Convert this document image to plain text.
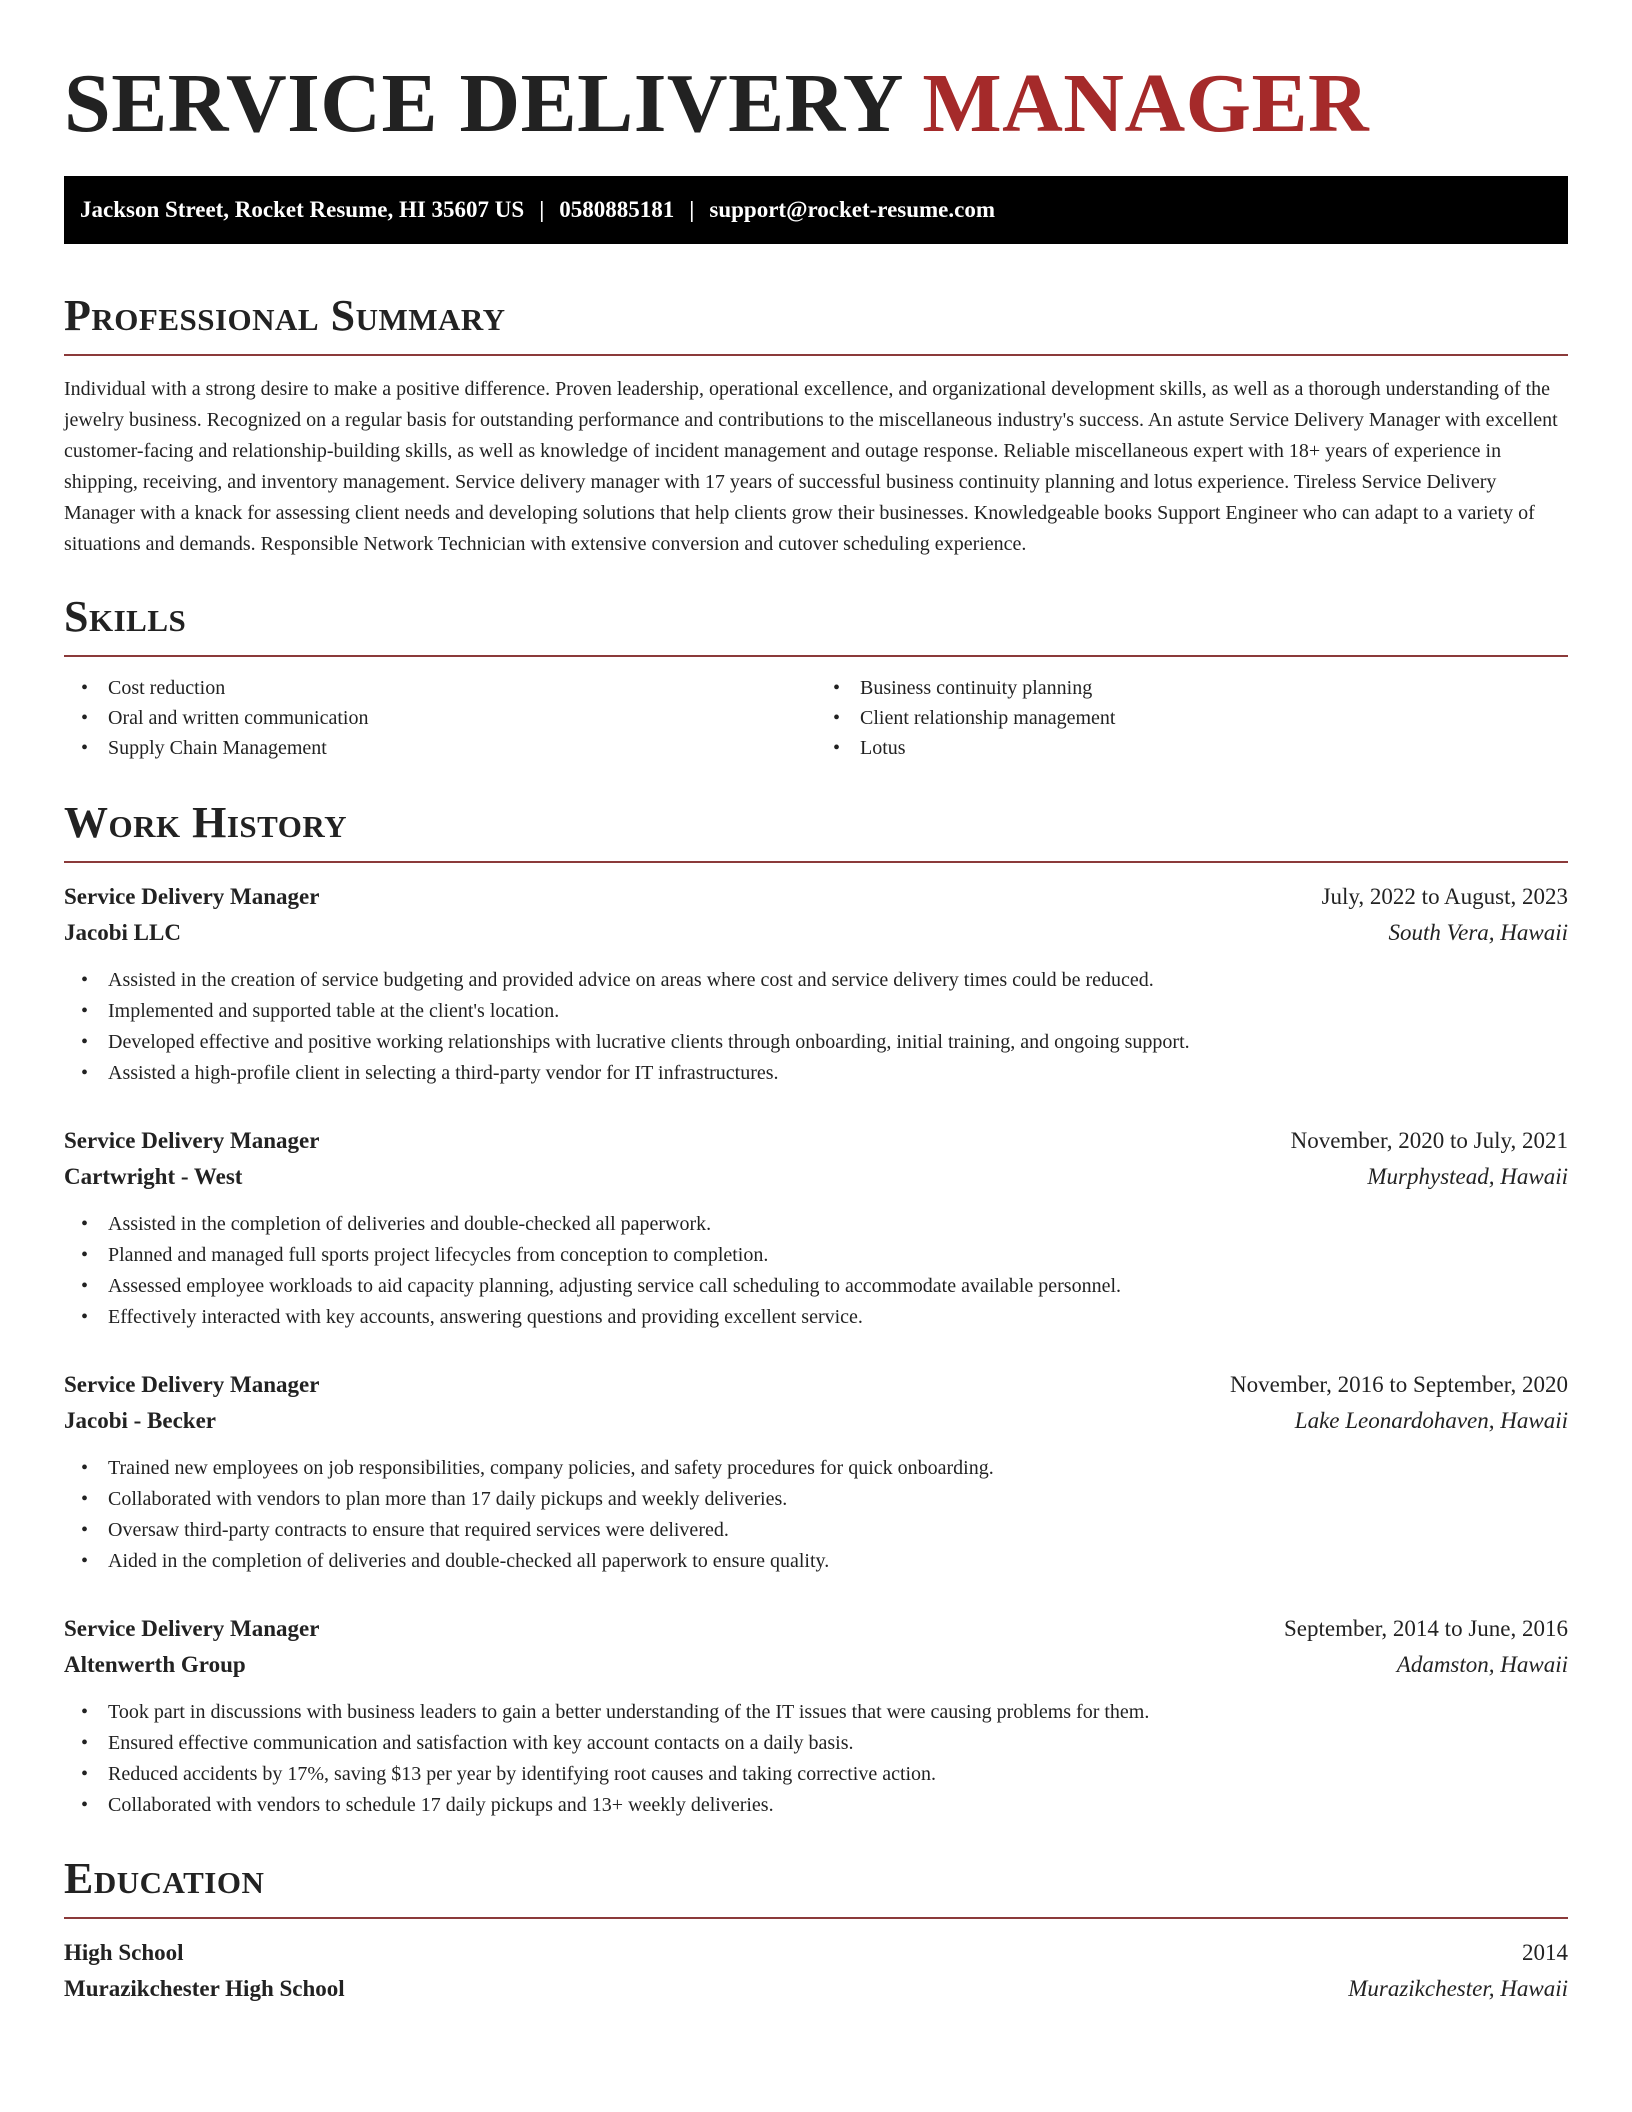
SERVICE DELIVERY MANAGER
Jackson Street, Rocket Resume, HI 35607 US | 0580885181 | support@rocket-resume.com
Professional Summary

Individual with a strong desire to make a positive difference. Proven leadership, operational excellence, and organizational development skills, as well as a thorough understanding of the jewelry business. Recognized on a regular basis for outstanding performance and contributions to the miscellaneous industry's success. An astute Service Delivery Manager with excellent customer-facing and relationship-building skills, as well as knowledge of incident management and outage response. Reliable miscellaneous expert with 18+ years of experience in shipping, receiving, and inventory management. Service delivery manager with 17 years of successful business continuity planning and lotus experience. Tireless Service Delivery Manager with a knack for assessing client needs and developing solutions that help clients grow their businesses. Knowledgeable books Support Engineer who can adapt to a variety of situations and demands. Responsible Network Technician with extensive conversion and cutover scheduling experience.

Skills
• Cost reduction
• Oral and written communication
• Supply Chain Management
• Business continuity planning
• Client relationship management
• Lotus
Work History
Service Delivery Manager	July, 2022 to August, 2023
Jacobi LLC	South Vera, Hawaii
• Assisted in the creation of service budgeting and provided advice on areas where cost and service delivery times could be reduced.
• Implemented and supported table at the client's location.
• Developed effective and positive working relationships with lucrative clients through onboarding, initial training, and ongoing support.
• Assisted a high-profile client in selecting a third-party vendor for IT infrastructures.
Service Delivery Manager	November, 2020 to July, 2021
Cartwright - West	Murphystead, Hawaii
• Assisted in the completion of deliveries and double-checked all paperwork.
• Planned and managed full sports project lifecycles from conception to completion.
• Assessed employee workloads to aid capacity planning, adjusting service call scheduling to accommodate available personnel.
• Effectively interacted with key accounts, answering questions and providing excellent service.
Service Delivery Manager	November, 2016 to September, 2020
Jacobi - Becker	Lake Leonardohaven, Hawaii
• Trained new employees on job responsibilities, company policies, and safety procedures for quick onboarding.
• Collaborated with vendors to plan more than 17 daily pickups and weekly deliveries.
• Oversaw third-party contracts to ensure that required services were delivered.
• Aided in the completion of deliveries and double-checked all paperwork to ensure quality.
Service Delivery Manager	September, 2014 to June, 2016
Altenwerth Group	Adamston, Hawaii
• Took part in discussions with business leaders to gain a better understanding of the IT issues that were causing problems for them.
• Ensured effective communication and satisfaction with key account contacts on a daily basis.
• Reduced accidents by 17%, saving $13 per year by identifying root causes and taking corrective action.
• Collaborated with vendors to schedule 17 daily pickups and 13+ weekly deliveries.
Education
High School	2014
Murazikchester High School	Murazikchester, Hawaii
